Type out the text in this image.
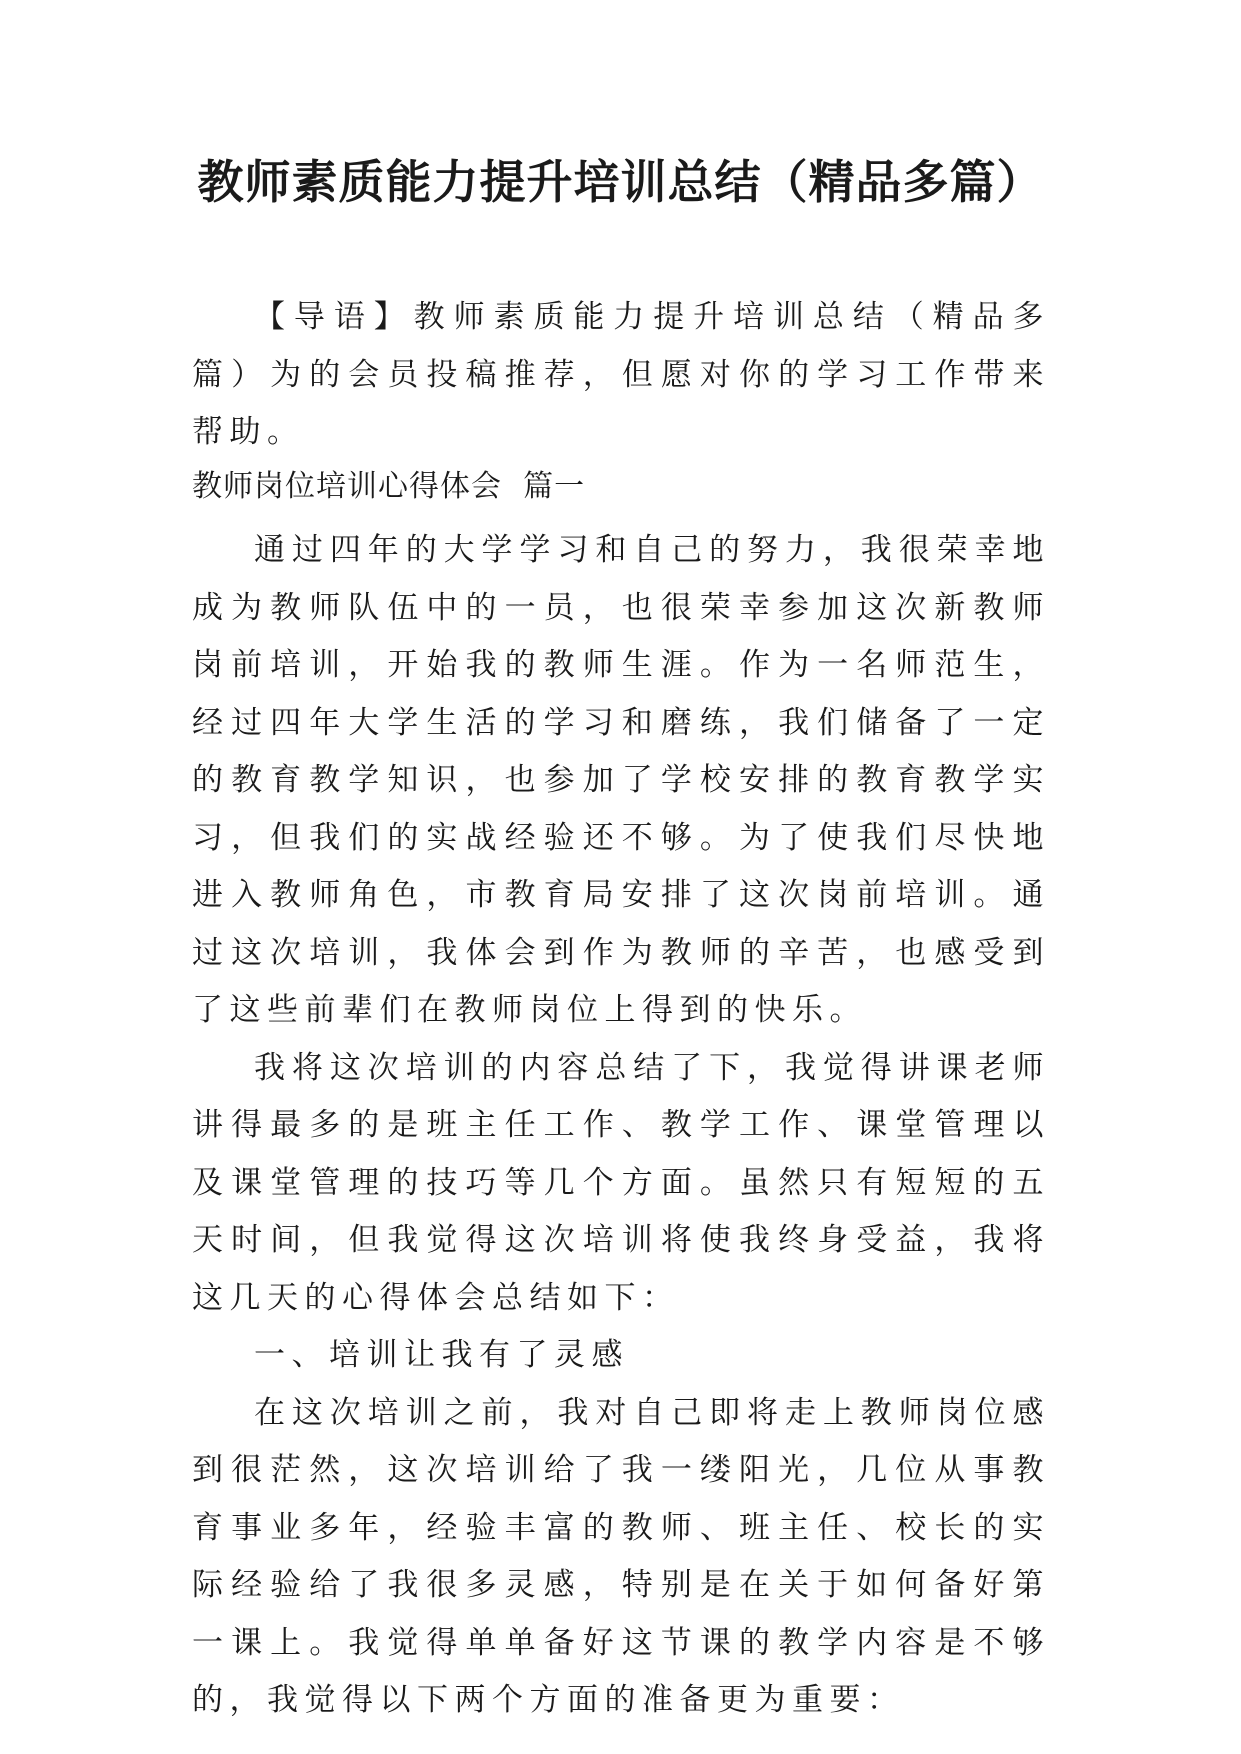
教师素质能力提升培训总结（精品多篇）

【导语】教师素质能力提升培训总结（精品多篇）为的会员投稿推荐，但愿对你的学习工作带来帮助。

教师岗位培训心得体会  篇一

通过四年的大学学习和自己的努力，我很荣幸地成为教师队伍中的一员，也很荣幸参加这次新教师岗前培训，开始我的教师生涯。作为一名师范生，经过四年大学生活的学习和磨练，我们储备了一定的教育教学知识，也参加了学校安排的教育教学实习，但我们的实战经验还不够。为了使我们尽快地进入教师角色，市教育局安排了这次岗前培训。通过这次培训，我体会到作为教师的辛苦，也感受到了这些前辈们在教师岗位上得到的快乐。

我将这次培训的内容总结了下，我觉得讲课老师讲得最多的是班主任工作、教学工作、课堂管理以及课堂管理的技巧等几个方面。虽然只有短短的五天时间，但我觉得这次培训将使我终身受益，我将这几天的心得体会总结如下：

一、培训让我有了灵感

在这次培训之前，我对自己即将走上教师岗位感到很茫然，这次培训给了我一缕阳光，几位从事教育事业多年，经验丰富的教师、班主任、校长的实际经验给了我很多灵感，特别是在关于如何备好第一课上。我觉得单单备好这节课的教学内容是不够的，我觉得以下两个方面的准备更为重要：
